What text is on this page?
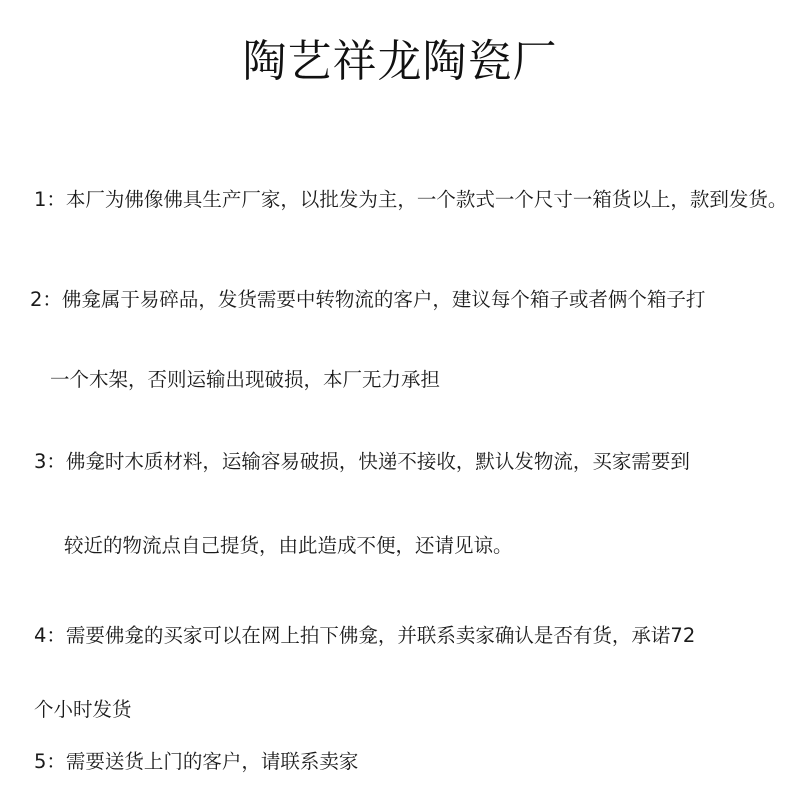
陶艺祥龙陶瓷厂
1：本厂为佛像佛具生产厂家，以批发为主，一个款式一个尺寸一箱货以上，款到发货。
2：佛龛属于易碎品，发货需要中转物流的客户，建议每个箱子或者俩个箱子打
一个木架，否则运输出现破损，本厂无力承担
3：佛龛时木质材料，运输容易破损，快递不接收，默认发物流，买家需要到
较近的物流点自己提货，由此造成不便，还请见谅。
4：需要佛龛的买家可以在网上拍下佛龛，并联系卖家确认是否有货，承诺72
个小时发货
5：需要送货上门的客户，请联系卖家
